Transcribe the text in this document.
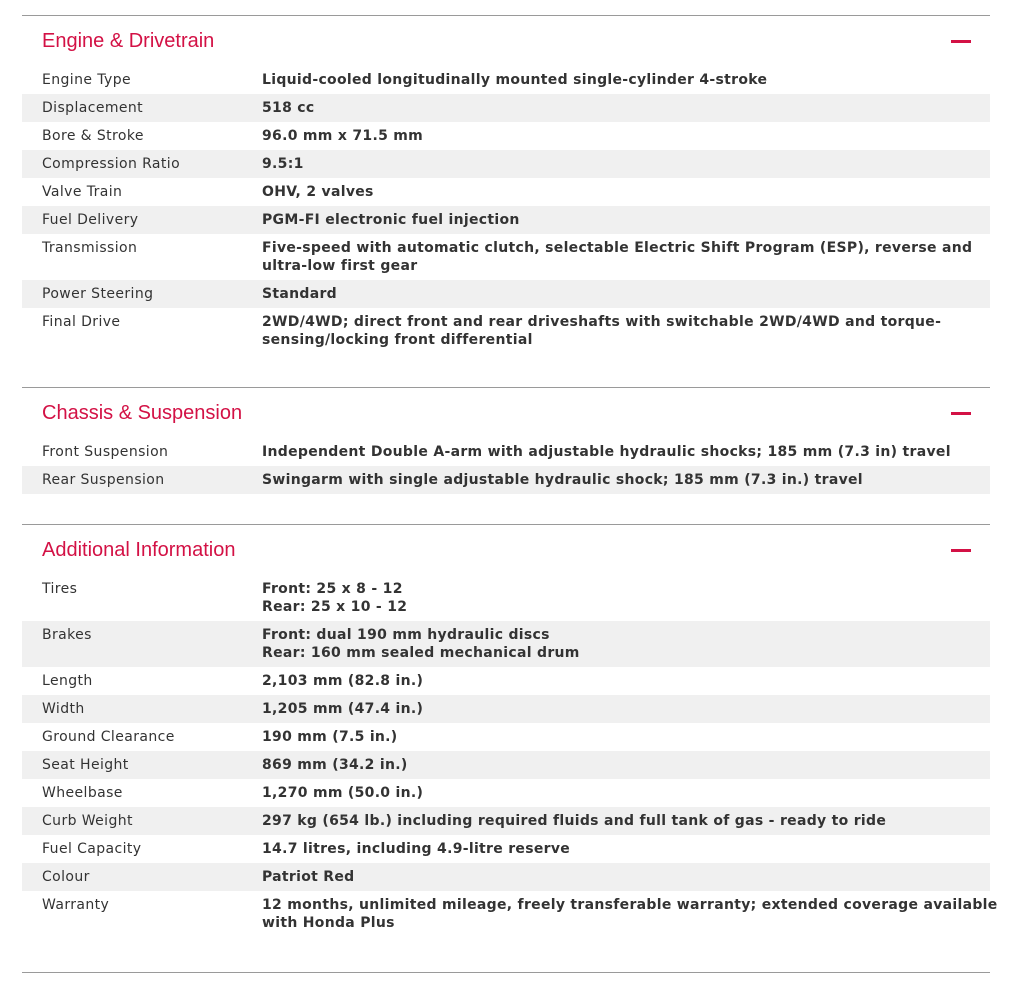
Engine & Drivetrain
Engine Type	Liquid-cooled longitudinally mounted single-cylinder 4-stroke
Displacement	518 cc
Bore & Stroke	96.0 mm x 71.5 mm
Compression Ratio	9.5:1
Valve Train	OHV, 2 valves
Fuel Delivery	PGM-FI electronic fuel injection
Transmission	Five-speed with automatic clutch, selectable Electric Shift Program (ESP), reverse and
ultra-low first gear
Power Steering	Standard
Final Drive	2WD/4WD; direct front and rear driveshafts with switchable 2WD/4WD and torque-
sensing/locking front differential
Chassis & Suspension
Front Suspension	Independent Double A-arm with adjustable hydraulic shocks; 185 mm (7.3 in) travel
Rear Suspension	Swingarm with single adjustable hydraulic shock; 185 mm (7.3 in.) travel
Additional Information
Tires	Front: 25 x 8 - 12
Rear: 25 x 10 - 12
Brakes	Front: dual 190 mm hydraulic discs
Rear: 160 mm sealed mechanical drum
Length	2,103 mm (82.8 in.)
Width	1,205 mm (47.4 in.)
Ground Clearance	190 mm (7.5 in.)
Seat Height	869 mm (34.2 in.)
Wheelbase	1,270 mm (50.0 in.)
Curb Weight	297 kg (654 lb.) including required fluids and full tank of gas - ready to ride
Fuel Capacity	14.7 litres, including 4.9-litre reserve
Colour	Patriot Red
Warranty	12 months, unlimited mileage, freely transferable warranty; extended coverage available
with Honda Plus
